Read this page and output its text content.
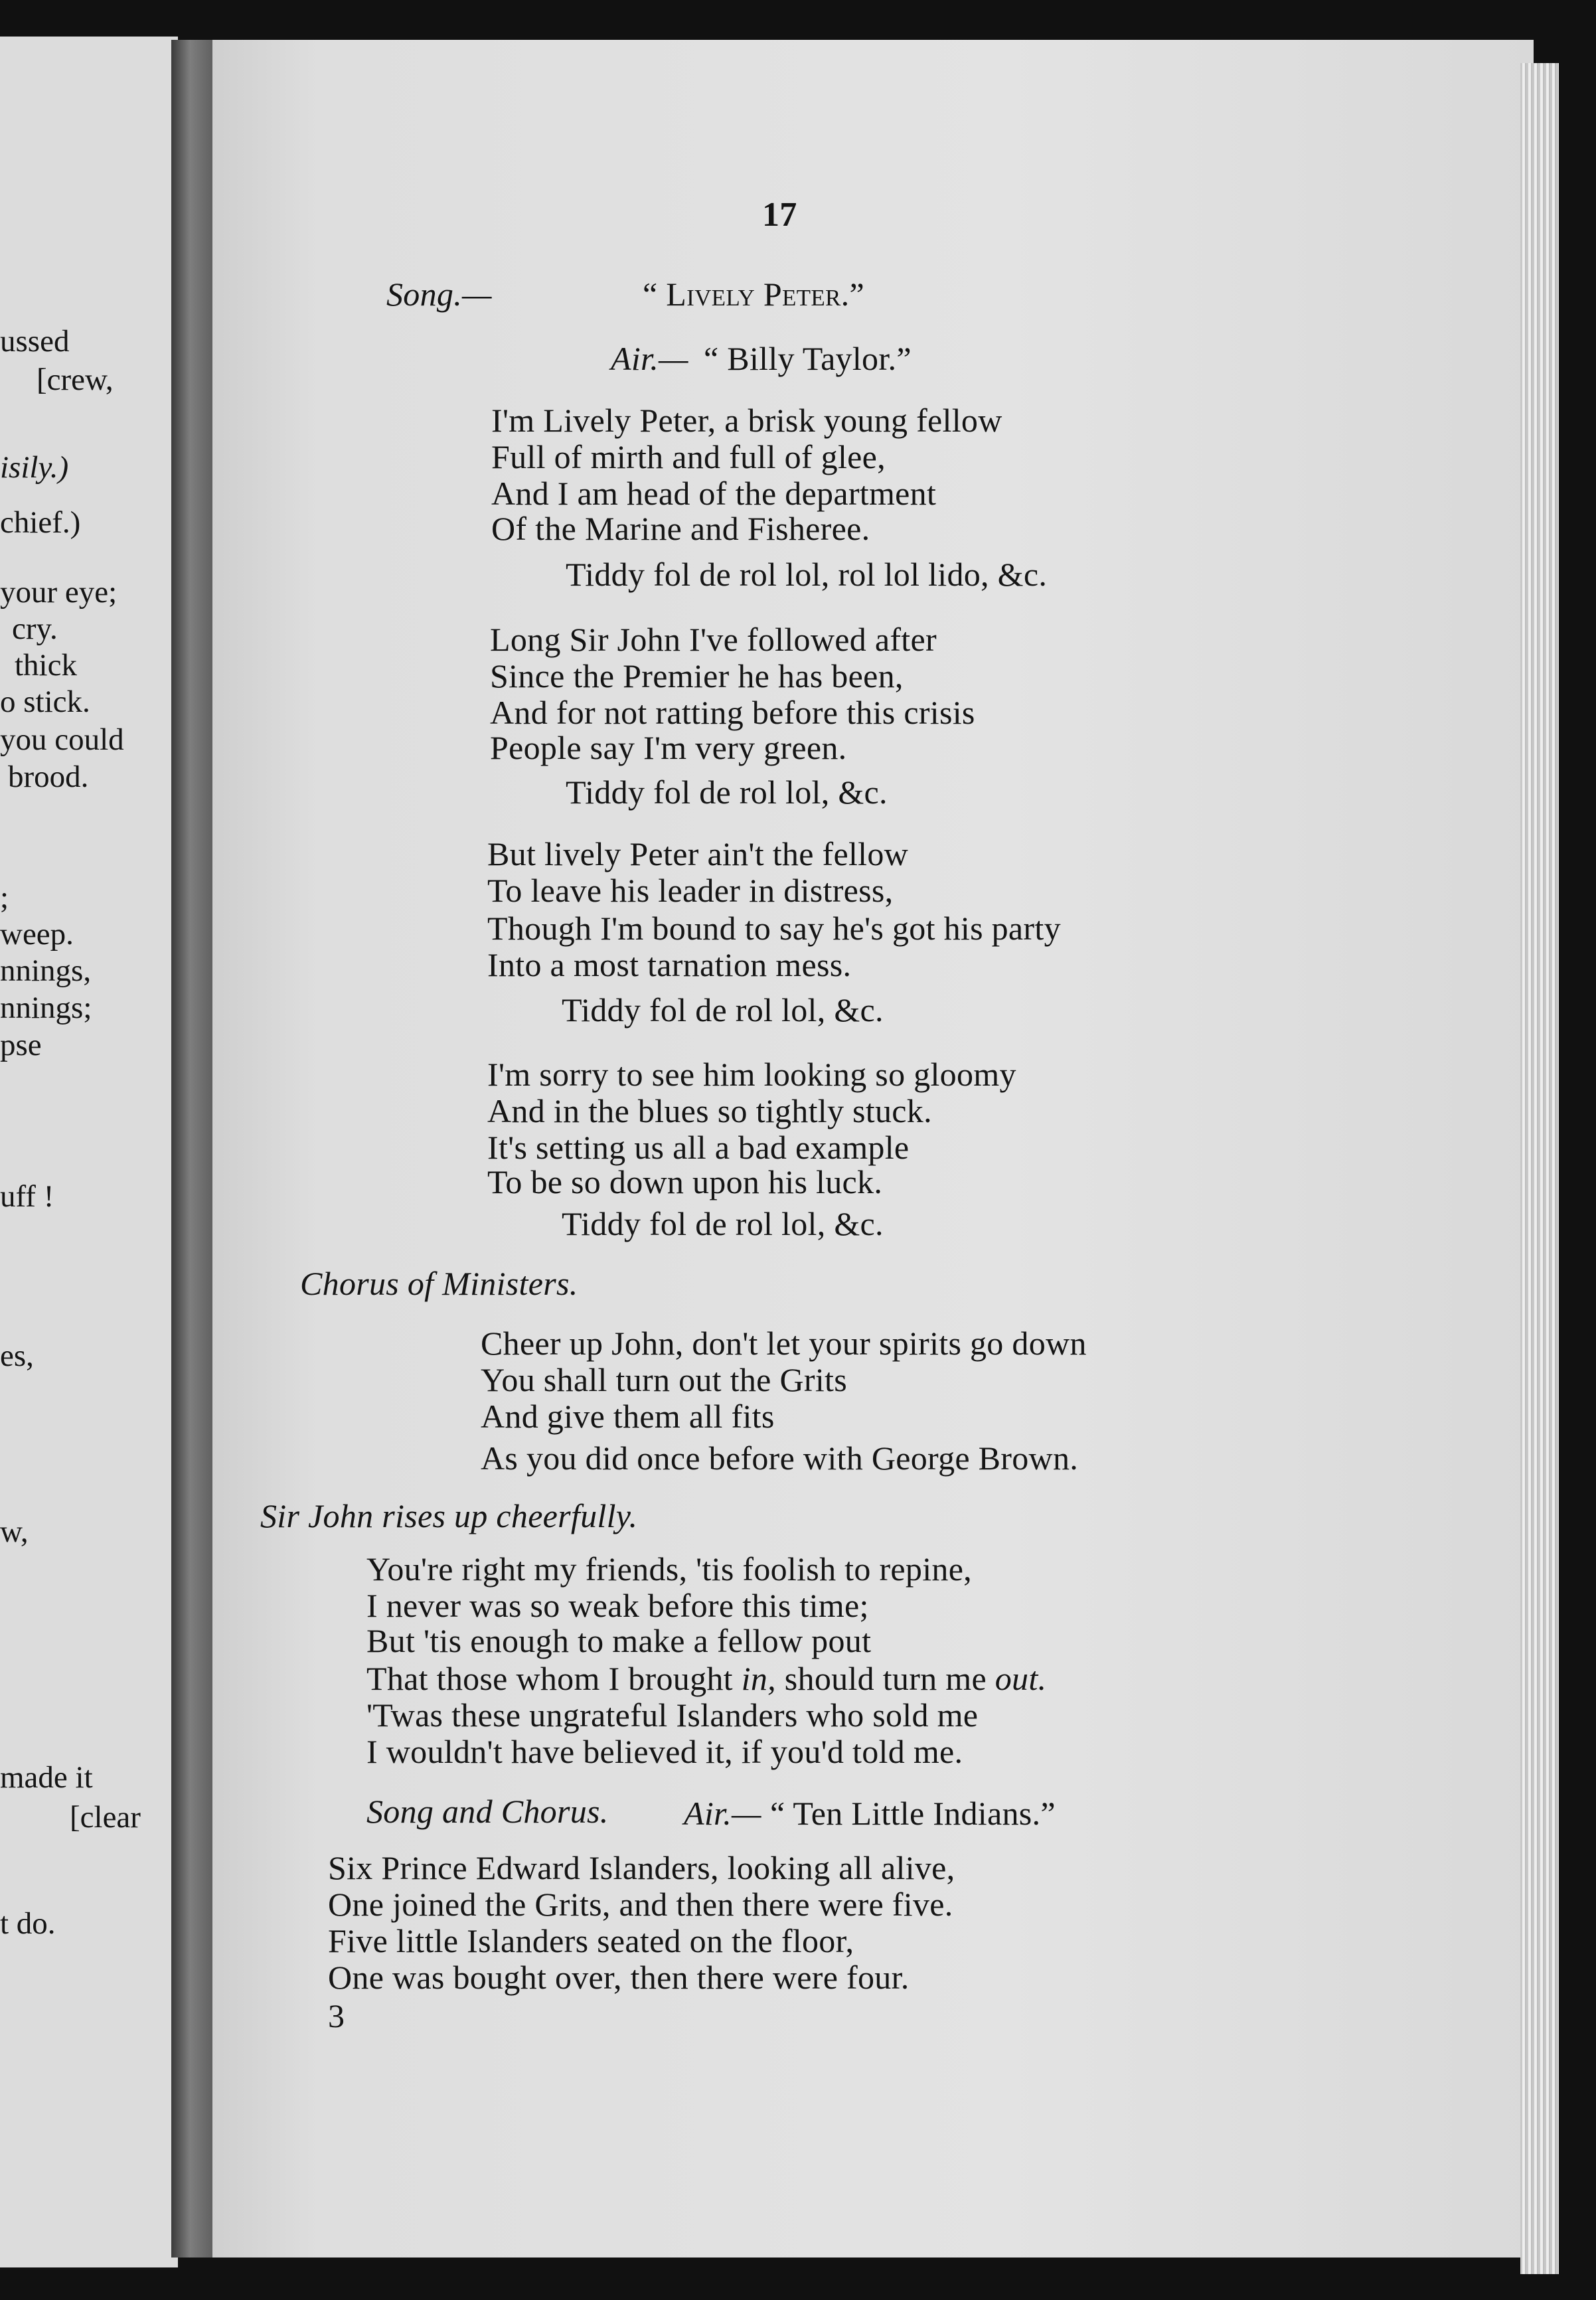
ussed
[crew,
isily.)
chief.)
your eye;
cry.
thick
o stick.
you could
brood.
;
weep.
nnings,
nnings;
pse
uff !
es,
w,
made it
[clear
t do.
17
Song.—	“ Lively Peter.”
Air.— “ Billy Taylor.”
I'm Lively Peter, a brisk young fellow
Full of mirth and full of glee,
And I am head of the department
Of the Marine and Fisheree.
Tiddy fol de rol lol, rol lol lido, &c.
Long Sir John I've followed after
Since the Premier he has been,
And for not ratting before this crisis
People say I'm very green.
Tiddy fol de rol lol, &c.
But lively Peter ain't the fellow
To leave his leader in distress,
Though I'm bound to say he's got his party
Into a most tarnation mess.
Tiddy fol de rol lol, &c.
I'm sorry to see him looking so gloomy
And in the blues so tightly stuck.
It's setting us all a bad example
To be so down upon his luck.
Tiddy fol de rol lol, &c.
Chorus of Ministers.
Cheer up John, don't let your spirits go down
You shall turn out the Grits
And give them all fits
As you did once before with George Brown.
Sir John rises up cheerfully.
You're right my friends, 'tis foolish to repine,
I never was so weak before this time;
But 'tis enough to make a fellow pout
That those whom I brought in, should turn me out.
'Twas these ungrateful Islanders who sold me
I wouldn't have believed it, if you'd told me.
Song and Chorus. Air.— “ Ten Little Indians.”
Six Prince Edward Islanders, looking all alive,
One joined the Grits, and then there were five.
Five little Islanders seated on the floor,
One was bought over, then there were four.
3
